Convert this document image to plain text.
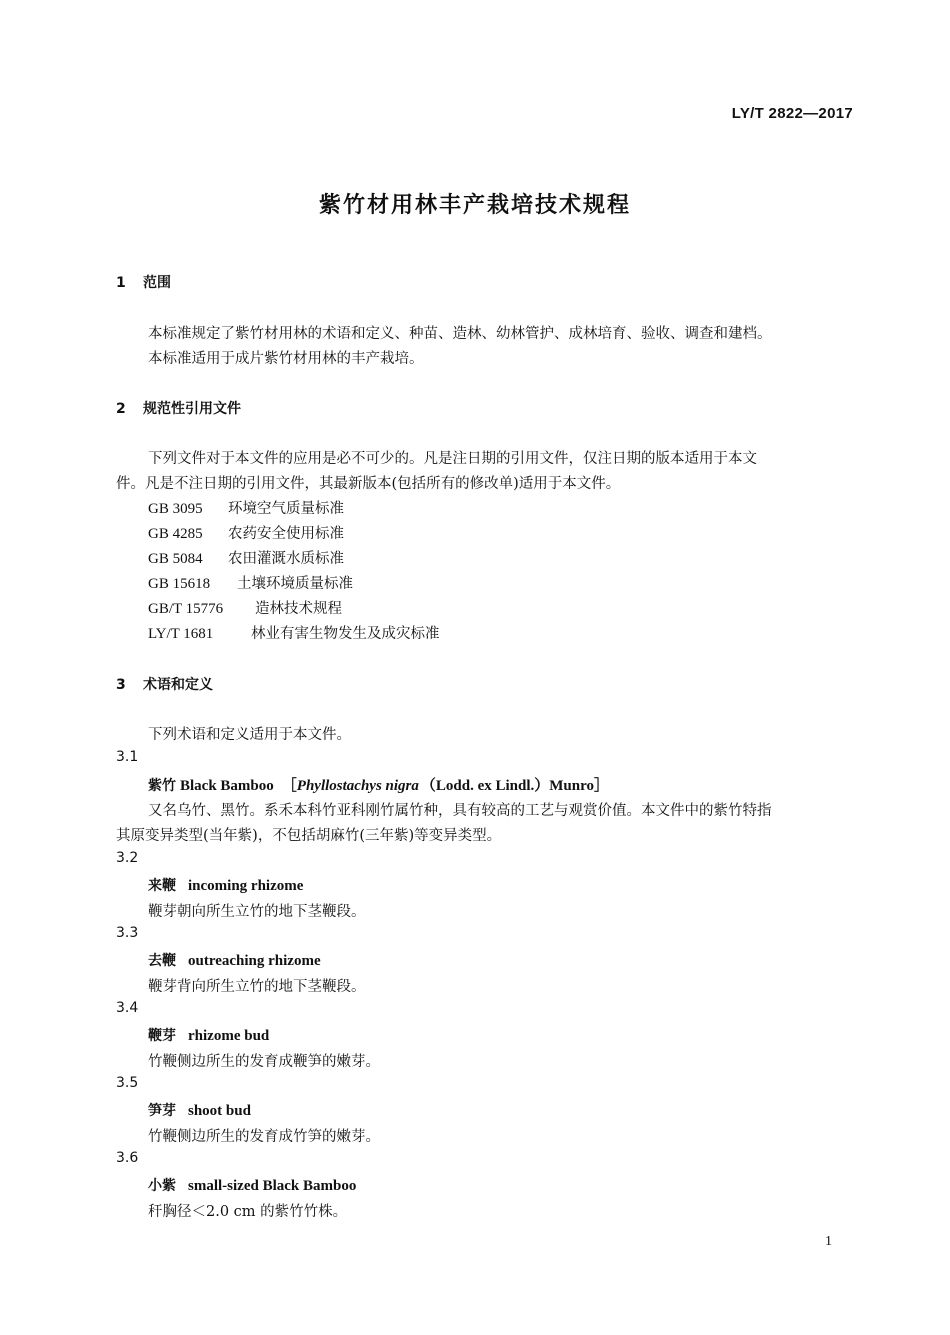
LY/T 2822—2017
紫竹材用林丰产栽培技术规程
1 范围
本标准规定了紫竹材用林的术语和定义、种苗、造林、幼林管护、成林培育、验收、调查和建档。
本标准适用于成片紫竹材用林的丰产栽培。
2 规范性引用文件
下列文件对于本文件的应用是必不可少的。凡是注日期的引用文件，仅注日期的版本适用于本文
件。凡是不注日期的引用文件，其最新版本(包括所有的修改单)适用于本文件。
GB 3095 环境空气质量标准
GB 4285 农药安全使用标准
GB 5084 农田灌溉水质标准
GB 15618 土壤环境质量标准
GB/T 15776 造林技术规程
LY/T 1681	林业有害生物发生及成灾标准
3 术语和定义
下列术语和定义适用于本文件。
3.1
紫竹 Black Bamboo ［Phyllostachys nigra （Lodd. ex Lindl.）Munro］
又名乌竹、黑竹。系禾本科竹亚科刚竹属竹种，具有较高的工艺与观赏价值。本文件中的紫竹特指
其原变异类型(当年紫)，不包括胡麻竹(三年紫)等变异类型。
3.2
来鞭 incoming rhizome
鞭芽朝向所生立竹的地下茎鞭段。
3.3
去鞭 outreaching rhizome
鞭芽背向所生立竹的地下茎鞭段。
3.4
鞭芽 rhizome bud
竹鞭侧边所生的发育成鞭笋的嫩芽。
3.5
笋芽 shoot bud
竹鞭侧边所生的发育成竹笋的嫩芽。
3.6
小紫 small-sized Black Bamboo
秆胸径＜2.0 cm 的紫竹竹株。
1
